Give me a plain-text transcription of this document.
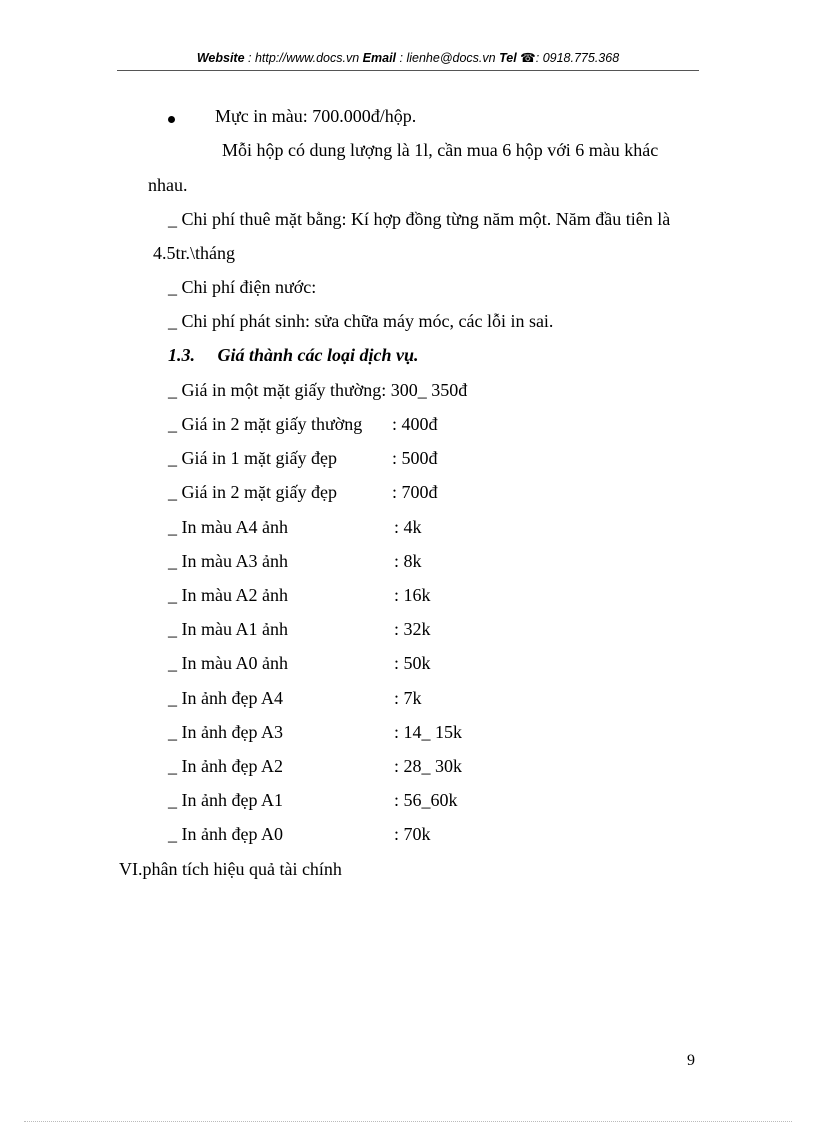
Website : http://www.docs.vn Email : lienhe@docs.vn Tel ☎: 0918.775.368
Mực in màu: 700.000đ/hộp.
Mỗi hộp có dung lượng là 1l, cần mua 6 hộp với 6 màu khác
nhau.
_ Chi phí thuê mặt bằng: Kí hợp đồng từng năm một. Năm đầu tiên là
4.5tr.\tháng
_ Chi phí điện nước:
_ Chi phí phát sinh: sửa chữa máy móc, các lỗi in sai.
1.3.     Giá thành các loại dịch vụ.
_ Giá in một mặt giấy thường: 300_ 350đ
_ Giá in 2 mặt giấy thường : 400đ
_ Giá in 1 mặt giấy đẹp	: 500đ
_ Giá in 2 mặt giấy đẹp	: 700đ
_ In màu A4 ảnh	: 4k
_ In màu A3 ảnh	: 8k
_ In màu A2 ảnh	: 16k
_ In màu A1 ảnh	: 32k
_ In màu A0 ảnh	: 50k
_ In ảnh đẹp A4	: 7k
_ In ảnh đẹp A3	: 14_ 15k
_ In ảnh đẹp A2	: 28_ 30k
_ In ảnh đẹp A1	: 56_60k
_ In ảnh đẹp A0	: 70k
VI.phân tích hiệu quả tài chính
9
